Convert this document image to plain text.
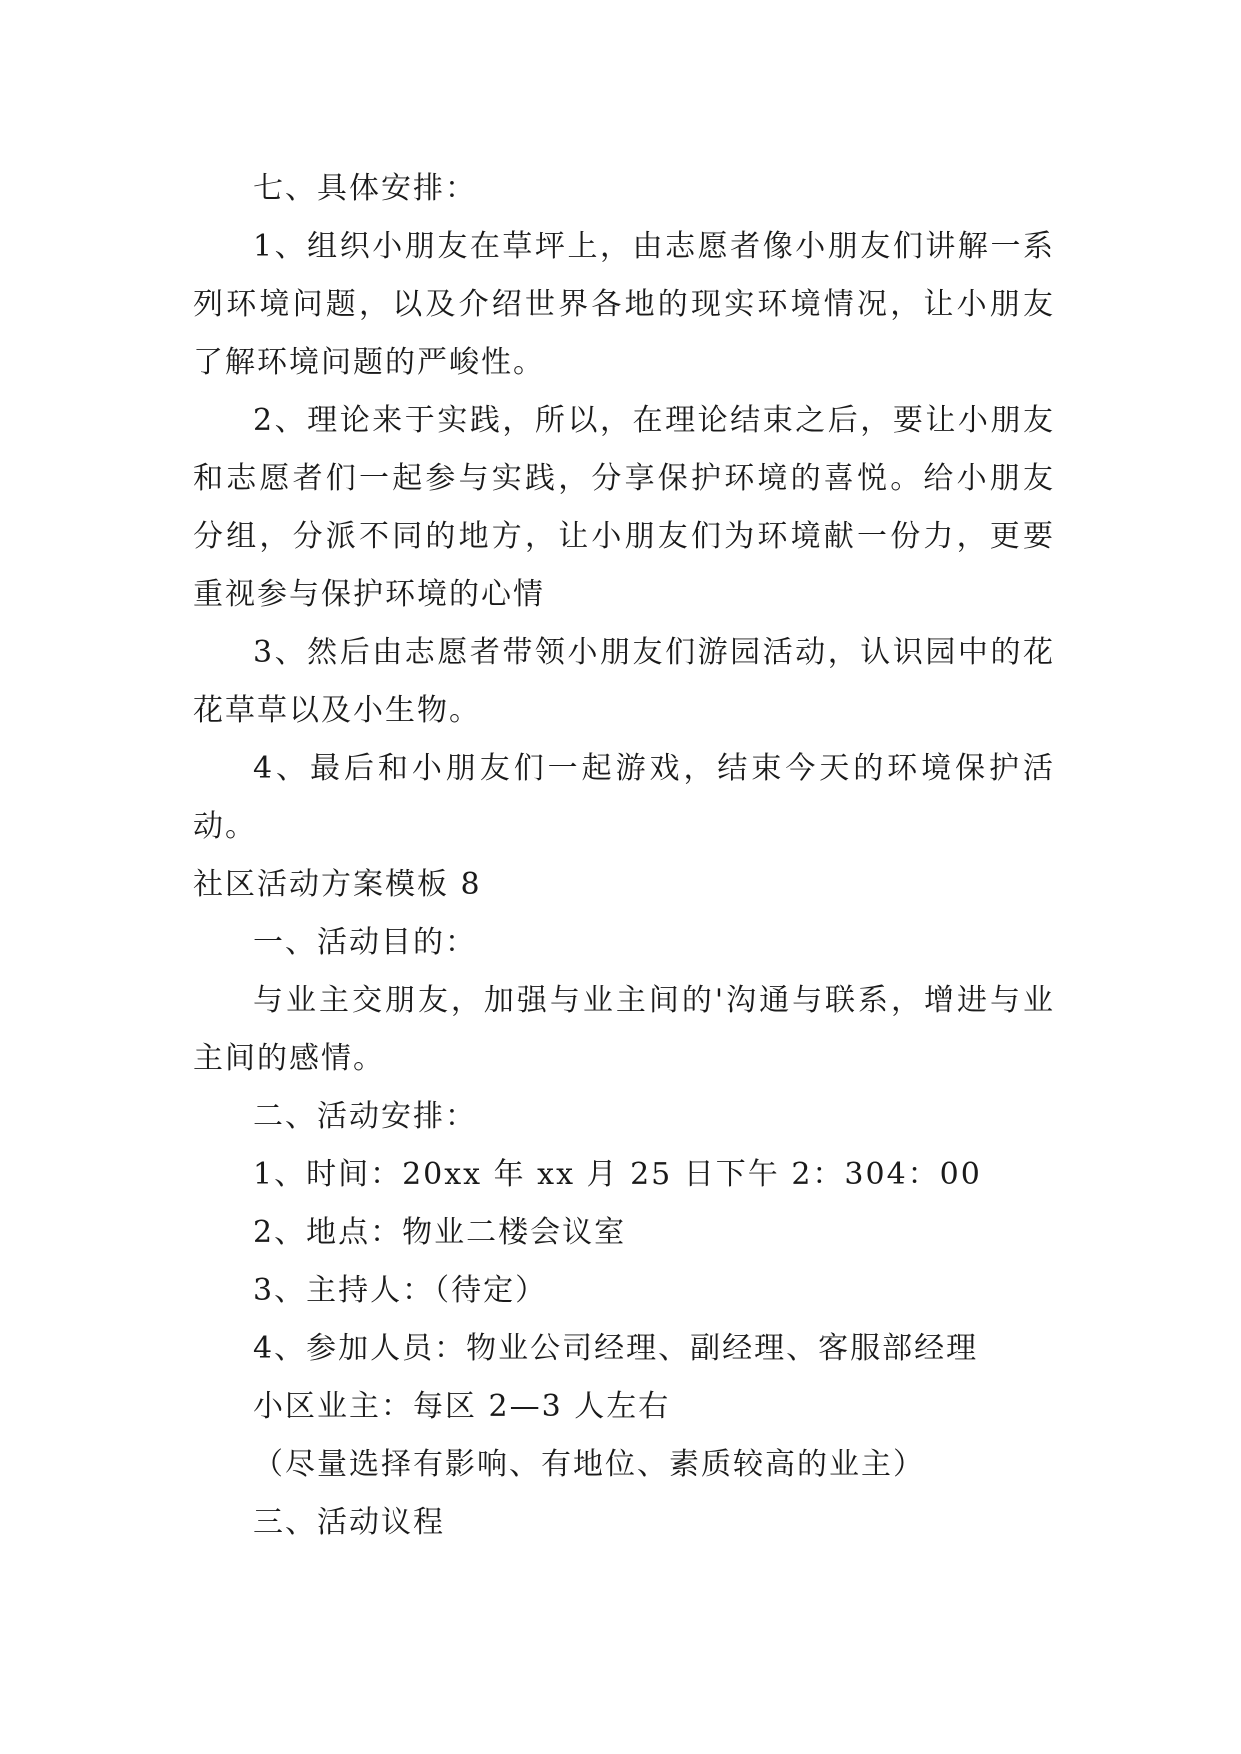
七、具体安排：

1、组织小朋友在草坪上，由志愿者像小朋友们讲解一系列环境问题，以及介绍世界各地的现实环境情况，让小朋友了解环境问题的严峻性。

2、理论来于实践，所以，在理论结束之后，要让小朋友和志愿者们一起参与实践，分享保护环境的喜悦。给小朋友分组，分派不同的地方，让小朋友们为环境献一份力，更要重视参与保护环境的心情

3、然后由志愿者带领小朋友们游园活动，认识园中的花花草草以及小生物。

4、最后和小朋友们一起游戏，结束今天的环境保护活动。

社区活动方案模板 8

一、活动目的：

与业主交朋友，加强与业主间的'沟通与联系，增进与业主间的感情。

二、活动安排：

1、时间：20xx 年 xx 月 25 日下午 2：304：00

2、地点：物业二楼会议室

3、主持人：（待定）

4、参加人员：物业公司经理、副经理、客服部经理

小区业主：每区 2—3 人左右

（尽量选择有影响、有地位、素质较高的业主）

三、活动议程
